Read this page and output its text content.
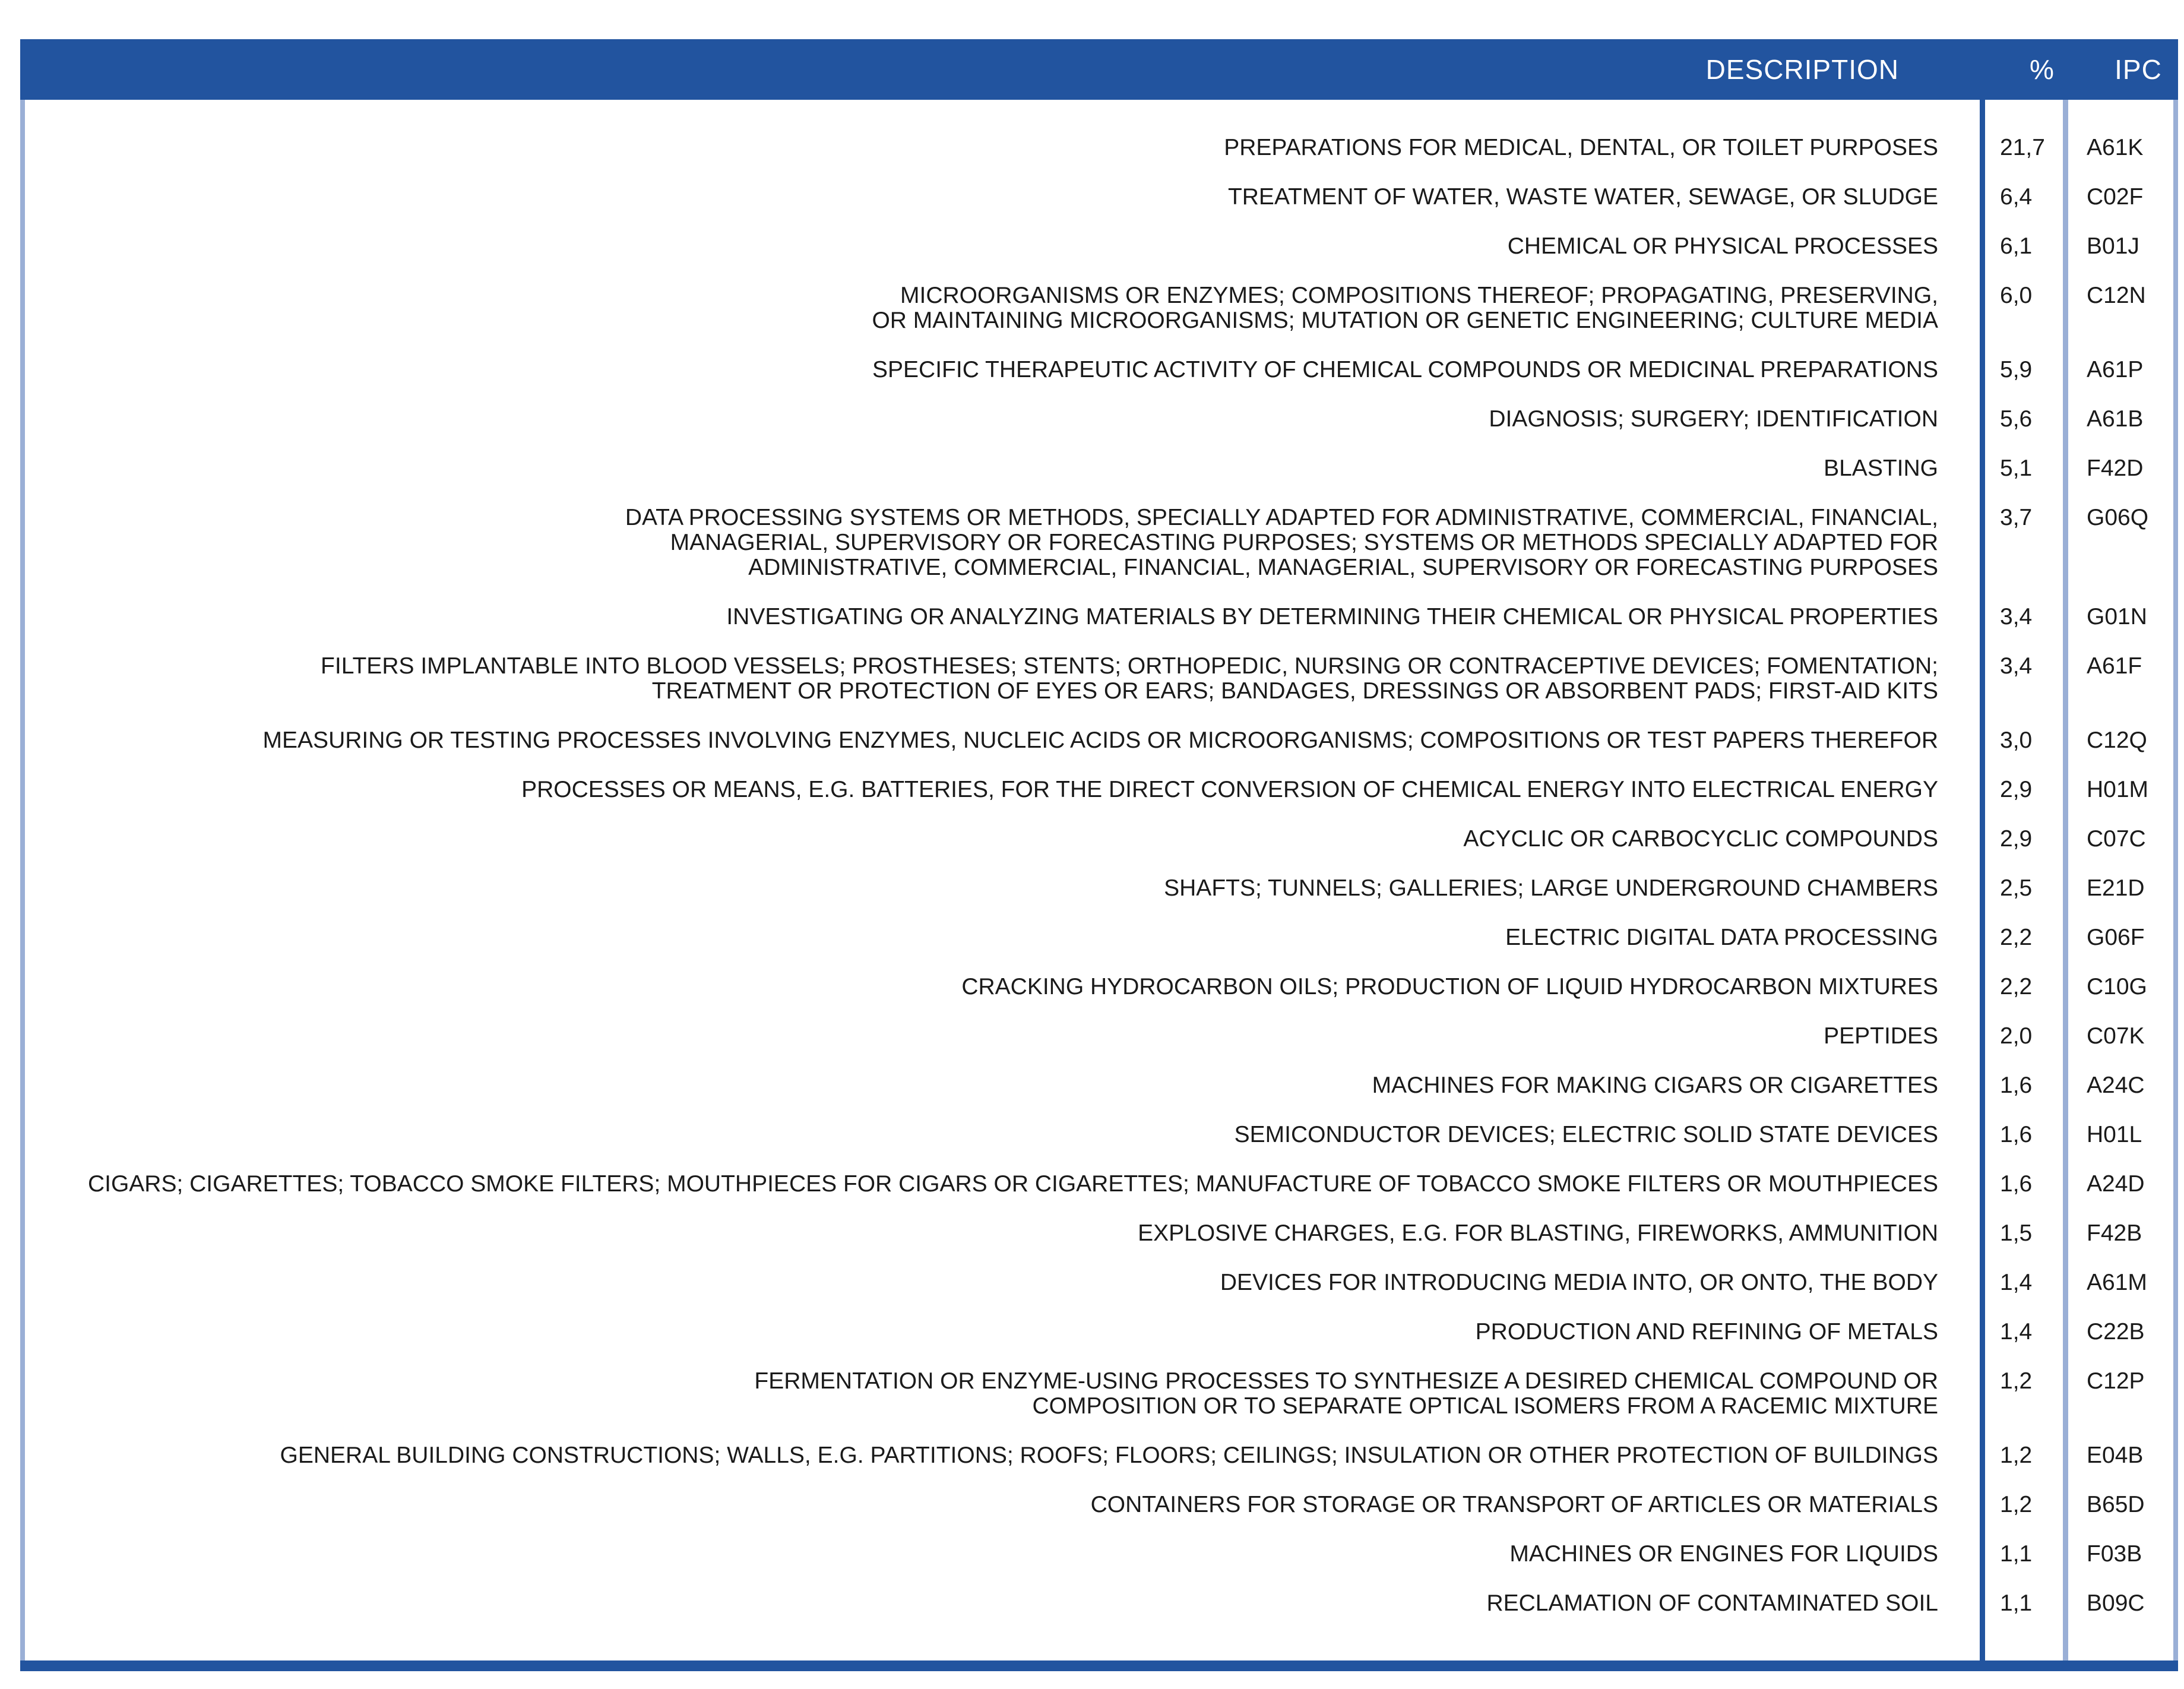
DESCRIPTION	%	IPC
PREPARATIONS FOR MEDICAL, DENTAL, OR TOILET PURPOSES	21,7	A61K
TREATMENT OF WATER, WASTE WATER, SEWAGE, OR SLUDGE	6,4	C02F
CHEMICAL OR PHYSICAL PROCESSES	6,1	B01J
MICROORGANISMS OR ENZYMES; COMPOSITIONS THEREOF; PROPAGATING, PRESERVING,
OR MAINTAINING MICROORGANISMS; MUTATION OR GENETIC ENGINEERING; CULTURE MEDIA
6,0	C12N
SPECIFIC THERAPEUTIC ACTIVITY OF CHEMICAL COMPOUNDS OR MEDICINAL PREPARATIONS	5,9	A61P
DIAGNOSIS; SURGERY; IDENTIFICATION	5,6	A61B
BLASTING	5,1	F42D
DATA PROCESSING SYSTEMS OR METHODS, SPECIALLY ADAPTED FOR ADMINISTRATIVE, COMMERCIAL, FINANCIAL,
MANAGERIAL, SUPERVISORY OR FORECASTING PURPOSES; SYSTEMS OR METHODS SPECIALLY ADAPTED FOR
ADMINISTRATIVE, COMMERCIAL, FINANCIAL, MANAGERIAL, SUPERVISORY OR FORECASTING PURPOSES
3,7	G06Q
INVESTIGATING OR ANALYZING MATERIALS BY DETERMINING THEIR CHEMICAL OR PHYSICAL PROPERTIES	3,4	G01N
FILTERS IMPLANTABLE INTO BLOOD VESSELS; PROSTHESES; STENTS; ORTHOPEDIC, NURSING OR CONTRACEPTIVE DEVICES; FOMENTATION;
TREATMENT OR PROTECTION OF EYES OR EARS; BANDAGES, DRESSINGS OR ABSORBENT PADS; FIRST-AID KITS
3,4	A61F
MEASURING OR TESTING PROCESSES INVOLVING ENZYMES, NUCLEIC ACIDS OR MICROORGANISMS; COMPOSITIONS OR TEST PAPERS THEREFOR	3,0	C12Q
PROCESSES OR MEANS, E.G. BATTERIES, FOR THE DIRECT CONVERSION OF CHEMICAL ENERGY INTO ELECTRICAL ENERGY	2,9	H01M
ACYCLIC OR CARBOCYCLIC COMPOUNDS	2,9	C07C
SHAFTS; TUNNELS; GALLERIES; LARGE UNDERGROUND CHAMBERS	2,5	E21D
ELECTRIC DIGITAL DATA PROCESSING	2,2	G06F
CRACKING HYDROCARBON OILS; PRODUCTION OF LIQUID HYDROCARBON MIXTURES	2,2	C10G
PEPTIDES	2,0	C07K
MACHINES FOR MAKING CIGARS OR CIGARETTES	1,6	A24C
SEMICONDUCTOR DEVICES; ELECTRIC SOLID STATE DEVICES	1,6	H01L
CIGARS; CIGARETTES; TOBACCO SMOKE FILTERS; MOUTHPIECES FOR CIGARS OR CIGARETTES; MANUFACTURE OF TOBACCO SMOKE FILTERS OR MOUTHPIECES	1,6	A24D
EXPLOSIVE CHARGES, E.G. FOR BLASTING, FIREWORKS, AMMUNITION	1,5	F42B
DEVICES FOR INTRODUCING MEDIA INTO, OR ONTO, THE BODY	1,4	A61M
PRODUCTION AND REFINING OF METALS	1,4	C22B
FERMENTATION OR ENZYME-USING PROCESSES TO SYNTHESIZE A DESIRED CHEMICAL COMPOUND OR
COMPOSITION OR TO SEPARATE OPTICAL ISOMERS FROM A RACEMIC MIXTURE
1,2	C12P
GENERAL BUILDING CONSTRUCTIONS; WALLS, E.G. PARTITIONS; ROOFS; FLOORS; CEILINGS; INSULATION OR OTHER PROTECTION OF BUILDINGS	1,2	E04B
CONTAINERS FOR STORAGE OR TRANSPORT OF ARTICLES OR MATERIALS	1,2	B65D
MACHINES OR ENGINES FOR LIQUIDS	1,1	F03B
RECLAMATION OF CONTAMINATED SOIL	1,1	B09C
